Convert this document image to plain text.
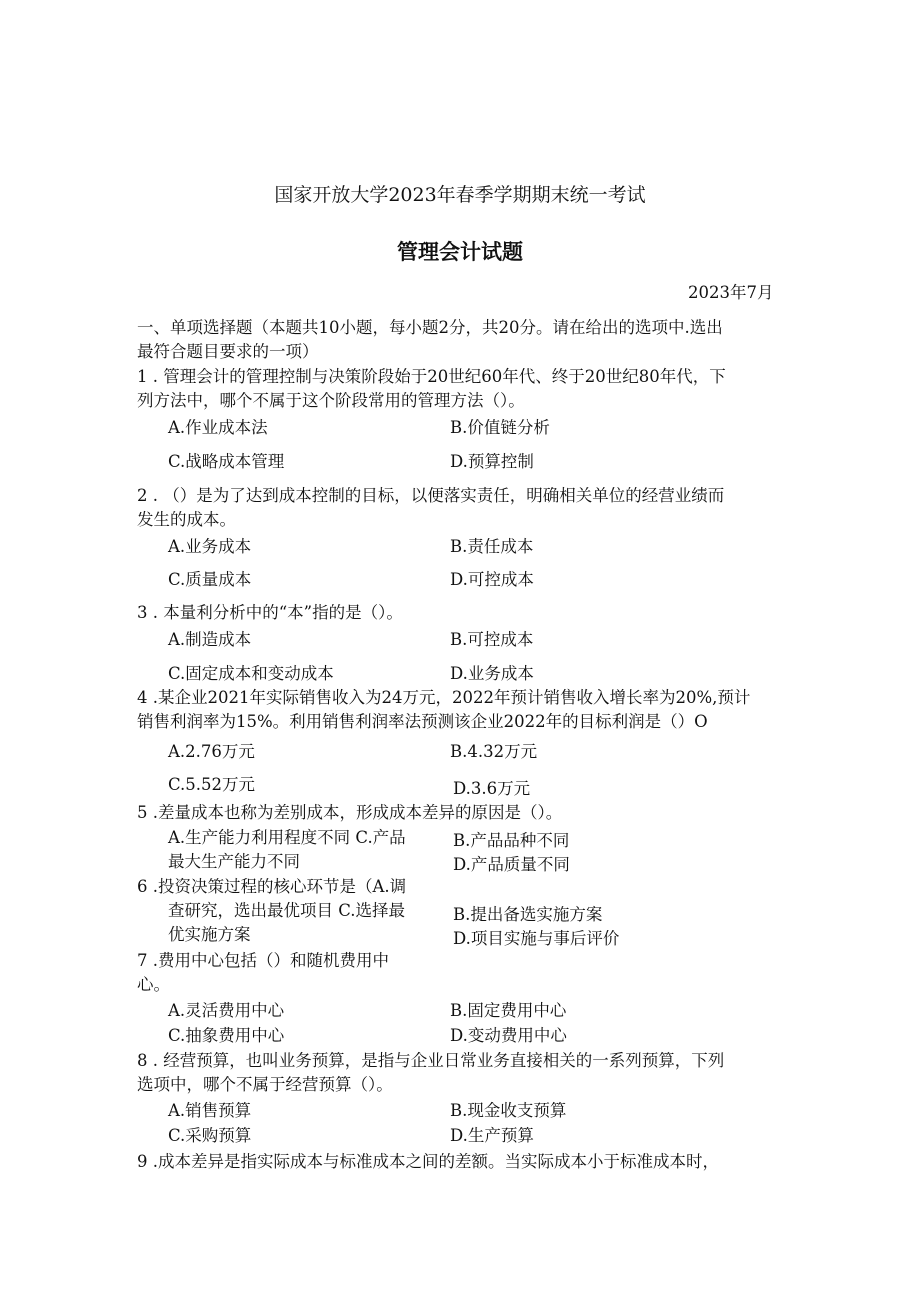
国家开放大学2023年春季学期期末统一考试
管理会计试题
2023年7月
一、单项选择题（本题共10小题，每小题2分，共20分。请在给出的选项中.选出
最符合题目要求的一项）
1 . 管理会计的管理控制与决策阶段始于20世纪60年代、终于20世纪80年代，下
列方法中，哪个不属于这个阶段常用的管理方法（）。
A.作业成本法	B.价值链分析
C.战略成本管理	D.预算控制
2 . （）是为了达到成本控制的目标，以便落实责任，明确相关单位的经营业绩而
发生的成本。
A.业务成本	B.责任成本
C.质量成本	D.可控成本
3 . 本量利分析中的“本”指的是（）。
A.制造成本	B.可控成本
C.固定成本和变动成本	D.业务成本
4 .某企业2021年实际销售收入为24万元，2022年预计销售收入增长率为20%,预计
销售利润率为15%。利用销售利润率法预测该企业2022年的目标利润是（）O
A.2.76万元	B.4.32万元
C.5.52万元	D.3.6万元
5 .差量成本也称为差别成本，形成成本差异的原因是（）。
A.生产能力利用程度不同 C.产品	B.产品品种不同
最大生产能力不同	D.产品质量不同
6 .投资决策过程的核心环节是（A.调
查研究，选出最优项目 C.选择最	B.提出备选实施方案
优实施方案	D.项目实施与事后评价
7 .费用中心包括（）和随机费用中
心。
A.灵活费用中心	B.固定费用中心
C.抽象费用中心	D.变动费用中心
8 . 经营预算，也叫业务预算，是指与企业日常业务直接相关的一系列预算，下列
选项中，哪个不属于经营预算（）。
A.销售预算	B.现金收支预算
C.采购预算	D.生产预算
9 .成本差异是指实际成本与标准成本之间的差额。当实际成本小于标准成本时，
